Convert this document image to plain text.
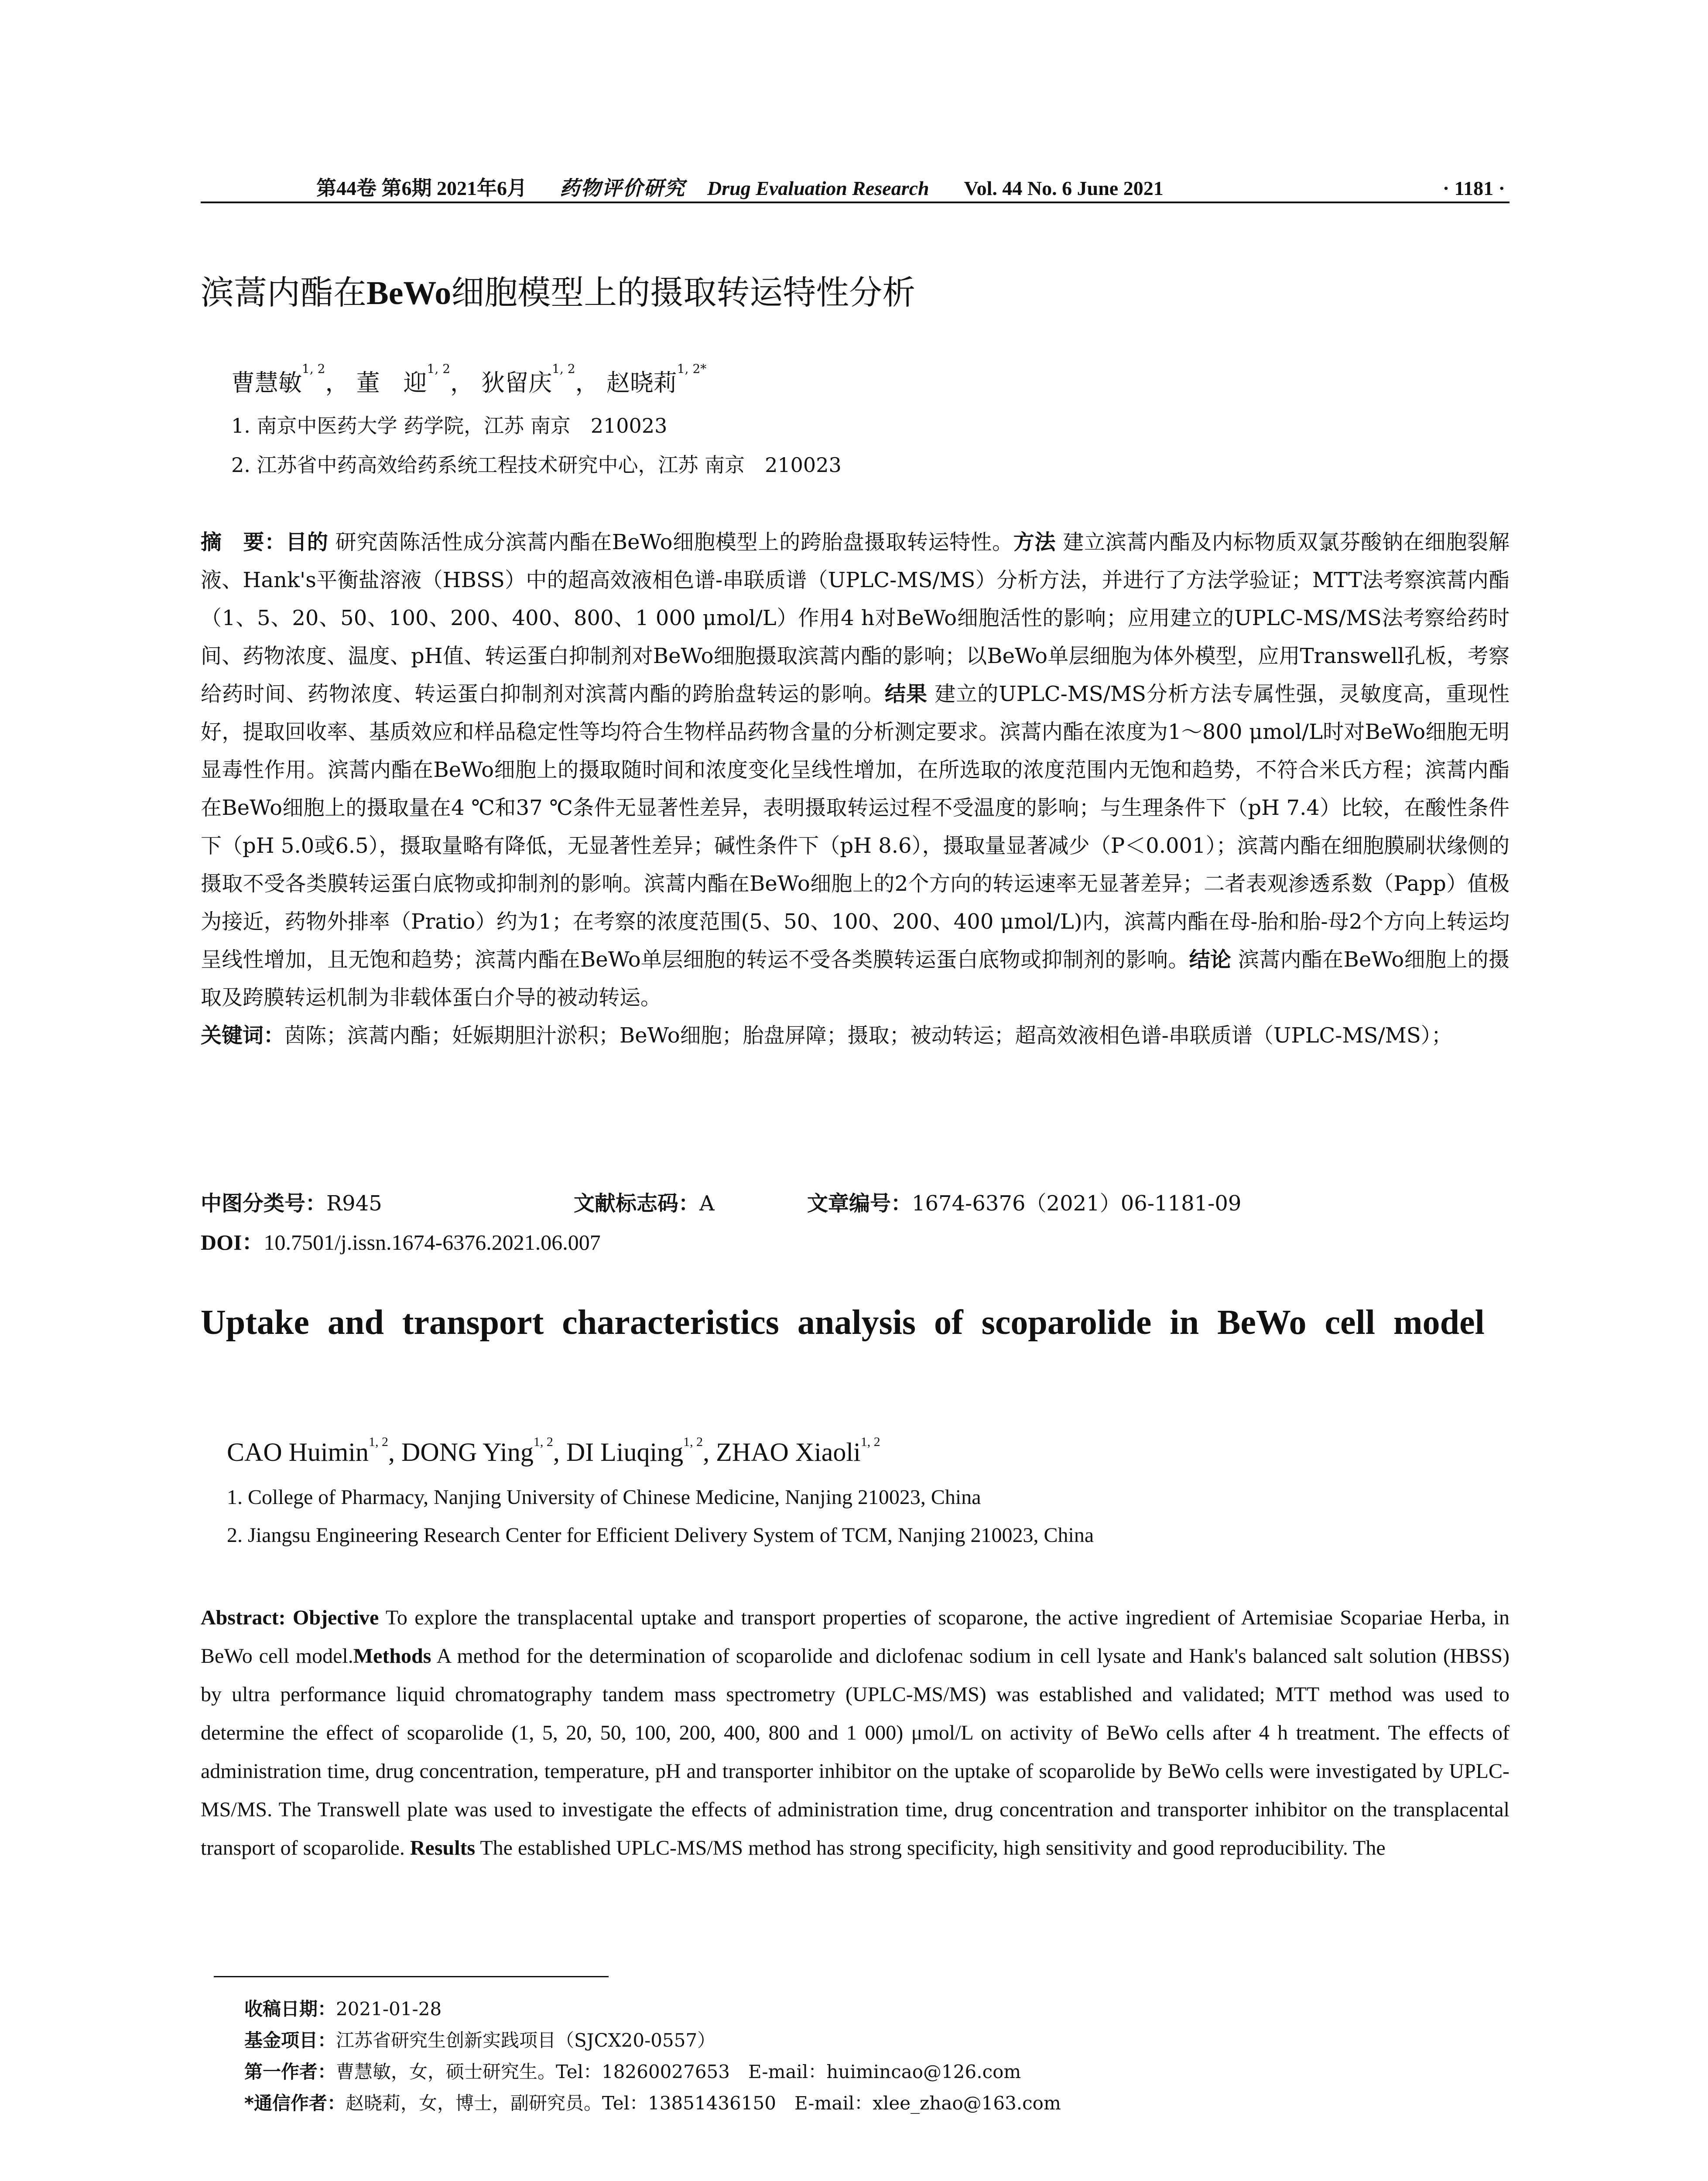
第44卷 第6期 2021年6月 药物评价研究 Drug Evaluation Research Vol. 44 No. 6 June 2021	· 1181 ·
滨蒿内酯在BeWo细胞模型上的摄取转运特性分析
曹慧敏$^{1, 2}$， 董　迎$^{1, 2}$， 狄留庆$^{1, 2}$， 赵晓莉$^{1, 2*}$
1. 南京中医药大学 药学院，江苏 南京　210023
2. 江苏省中药高效给药系统工程技术研究中心，江苏 南京　210023
摘　要：目的 研究茵陈活性成分滨蒿内酯在BeWo细胞模型上的跨胎盘摄取转运特性。方法 建立滨蒿内酯及内标物质双氯芬酸钠在细胞裂解液、Hank's平衡盐溶液（HBSS）中的超高效液相色谱-串联质谱（UPLC-MS/MS）分析方法，并进行了方法学验证；MTT法考察滨蒿内酯（1、5、20、50、100、200、400、800、1 000 μmol/L）作用4 h对BeWo细胞活性的影响；应用建立的UPLC-MS/MS法考察给药时间、药物浓度、温度、pH值、转运蛋白抑制剂对BeWo细胞摄取滨蒿内酯的影响；以BeWo单层细胞为体外模型，应用Transwell孔板，考察给药时间、药物浓度、转运蛋白抑制剂对滨蒿内酯的跨胎盘转运的影响。结果 建立的UPLC-MS/MS分析方法专属性强，灵敏度高，重现性好，提取回收率、基质效应和样品稳定性等均符合生物样品药物含量的分析测定要求。滨蒿内酯在浓度为1～800 μmol/L时对BeWo细胞无明显毒性作用。滨蒿内酯在BeWo细胞上的摄取随时间和浓度变化呈线性增加，在所选取的浓度范围内无饱和趋势，不符合米氏方程；滨蒿内酯在BeWo细胞上的摄取量在4 ℃和37 ℃条件无显著性差异，表明摄取转运过程不受温度的影响；与生理条件下（pH 7.4）比较，在酸性条件下（pH 5.0或6.5），摄取量略有降低，无显著性差异；碱性条件下（pH 8.6），摄取量显著减少（P＜0.001）；滨蒿内酯在细胞膜刷状缘侧的摄取不受各类膜转运蛋白底物或抑制剂的影响。滨蒿内酯在BeWo细胞上的2个方向的转运速率无显著差异；二者表观渗透系数（Papp）值极为接近，药物外排率（Pratio）约为1；在考察的浓度范围(5、50、100、200、400 μmol/L)内，滨蒿内酯在母-胎和胎-母2个方向上转运均呈线性增加，且无饱和趋势；滨蒿内酯在BeWo单层细胞的转运不受各类膜转运蛋白底物或抑制剂的影响。结论 滨蒿内酯在BeWo细胞上的摄取及跨膜转运机制为非载体蛋白介导的被动转运。
关键词：茵陈；滨蒿内酯；妊娠期胆汁淤积；BeWo细胞；胎盘屏障；摄取；被动转运；超高效液相色谱-串联质谱（UPLC-MS/MS）；
中图分类号：R945	文献标志码：A	文章编号：1674-6376（2021）06-1181-09
DOI：10.7501/j.issn.1674-6376.2021.06.007
Uptake and transport characteristics analysis of scoparolide in BeWo cell model
CAO Huimin$^{1, 2}$, DONG Ying$^{1, 2}$, DI Liuqing$^{1, 2}$, ZHAO Xiaoli$^{1, 2}$
1. College of Pharmacy, Nanjing University of Chinese Medicine, Nanjing 210023, China
2. Jiangsu Engineering Research Center for Efficient Delivery System of TCM, Nanjing 210023, China
Abstract: Objective To explore the transplacental uptake and transport properties of scoparone, the active ingredient of Artemisiae Scopariae Herba, in BeWo cell model.Methods A method for the determination of scoparolide and diclofenac sodium in cell lysate and Hank's balanced salt solution (HBSS) by ultra performance liquid chromatography tandem mass spectrometry (UPLC-MS/MS) was established and validated; MTT method was used to determine the effect of scoparolide (1, 5, 20, 50, 100, 200, 400, 800 and 1 000) μmol/L on activity of BeWo cells after 4 h treatment. The effects of administration time, drug concentration, temperature, pH and transporter inhibitor on the uptake of scoparolide by BeWo cells were investigated by UPLC-MS/MS. The Transwell plate was used to investigate the effects of administration time, drug concentration and transporter inhibitor on the transplacental transport of scoparolide. Results The established UPLC-MS/MS method has strong specificity, high sensitivity and good reproducibility. The
收稿日期：2021-01-28
基金项目：江苏省研究生创新实践项目（SJCX20-0557）
第一作者：曹慧敏，女，硕士研究生。Tel：18260027653　E-mail：huimincao@126.com
*通信作者：赵晓莉，女，博士，副研究员。Tel：13851436150　E-mail：xlee_zhao@163.com
